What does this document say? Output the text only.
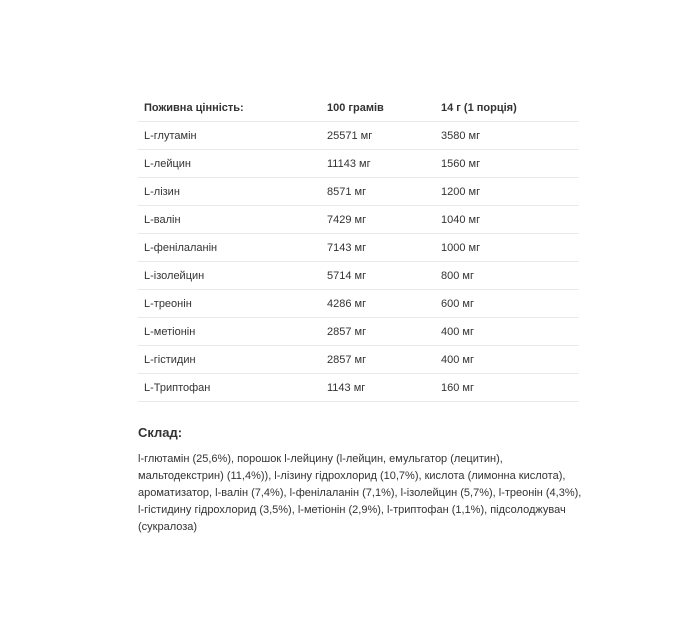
Поживна цінність:	100 грамів	14 г (1 порція)
L-глутамін	25571 мг	3580 мг
L-лейцин	11143 мг	1560 мг
L-лізин	8571 мг	1200 мг
L-валін	7429 мг	1040 мг
L-фенілаланін	7143 мг	1000 мг
L-ізолейцин	5714 мг	800 мг
L-треонін	4286 мг	600 мг
L-метіонін	2857 мг	400 мг
L-гістидин	2857 мг	400 мг
L-Триптофан	1143 мг	160 мг
Склад:

l-глютамін (25,6%), порошок l-лейцину (l-лейцин, емульгатор (лецитин), мальтодекстрин) (11,4%)), l-лізину гідрохлорид (10,7%), кислота (лимонна кислота), ароматизатор, l-валін (7,4%), l-фенілаланін (7,1%), l-ізолейцин (5,7%), l-треонін (4,3%), l-гістидину гідрохлорид (3,5%), l-метіонін (2,9%), l-триптофан (1,1%), підсолоджувач (сукралоза)
